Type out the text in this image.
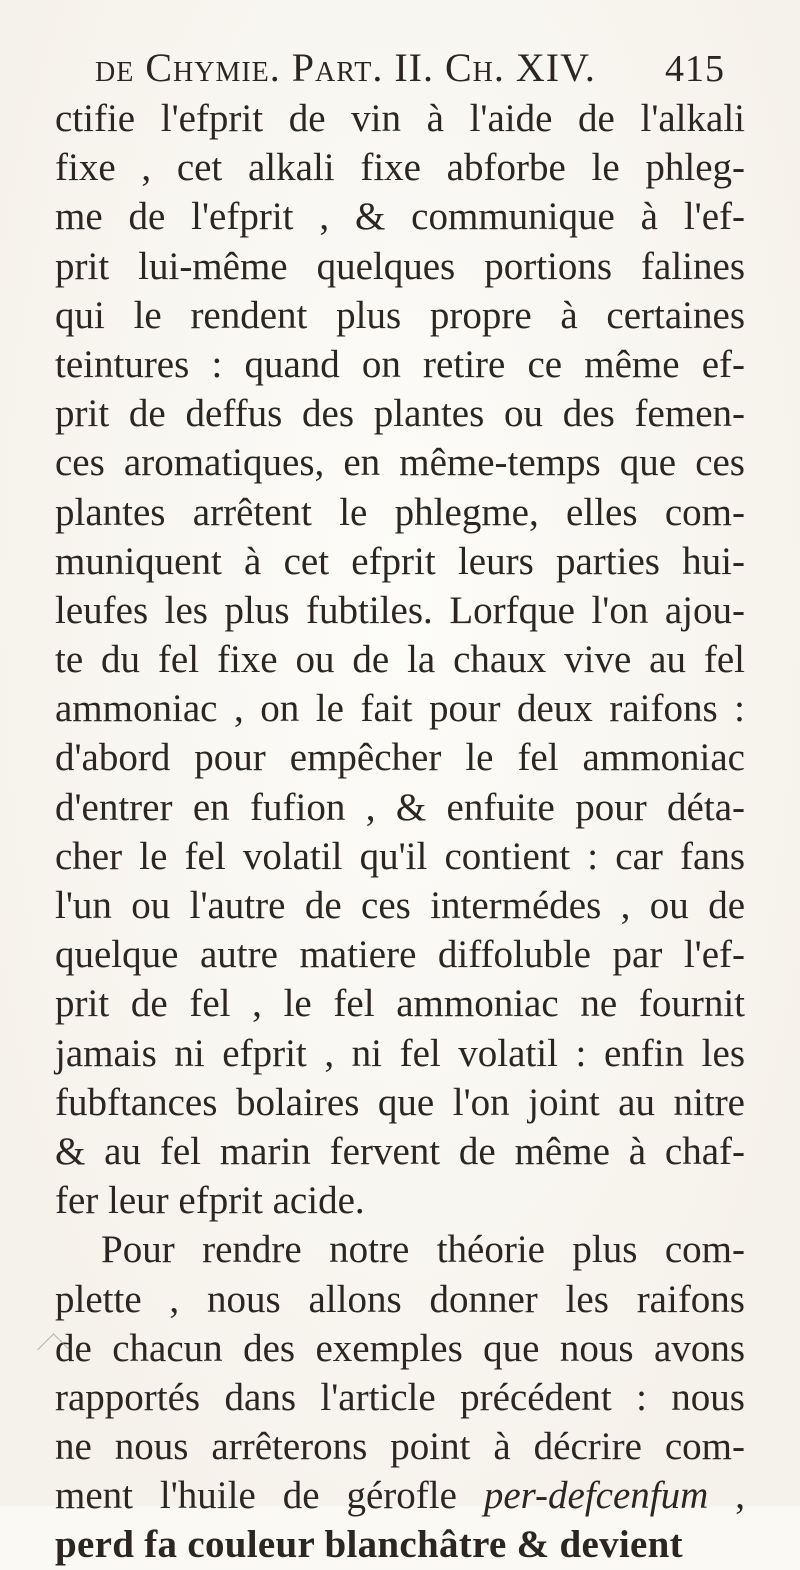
de Chymie. Part. II. Ch. XIV. 415
ctifie l'efprit de vin à l'aide de l'alkali
fixe , cet alkali fixe abforbe le phleg-
me de l'efprit , & communique à l'ef-
prit lui-même quelques portions falines
qui le rendent plus propre à certaines
teintures : quand on retire ce même ef-
prit de deffus des plantes ou des femen-
ces aromatiques, en même-temps que ces
plantes arrêtent le phlegme, elles com-
muniquent à cet efprit leurs parties hui-
leufes les plus fubtiles. Lorfque l'on ajou-
te du fel fixe ou de la chaux vive au fel
ammoniac , on le fait pour deux raifons :
d'abord pour empêcher le fel ammoniac
d'entrer en fufion , & enfuite pour déta-
cher le fel volatil qu'il contient : car fans
l'un ou l'autre de ces intermédes , ou de
quelque autre matiere diffoluble par l'ef-
prit de fel , le fel ammoniac ne fournit
jamais ni efprit , ni fel volatil : enfin les
fubftances bolaires que l'on joint au nitre
& au fel marin fervent de même à chaf-
fer leur efprit acide.
Pour rendre notre théorie plus com-
plette , nous allons donner les raifons
de chacun des exemples que nous avons
rapportés dans l'article précédent : nous
ne nous arrêterons point à décrire com-
ment l'huile de gérofle per-defcenfum ,
perd fa couleur blanchâtre & devient
